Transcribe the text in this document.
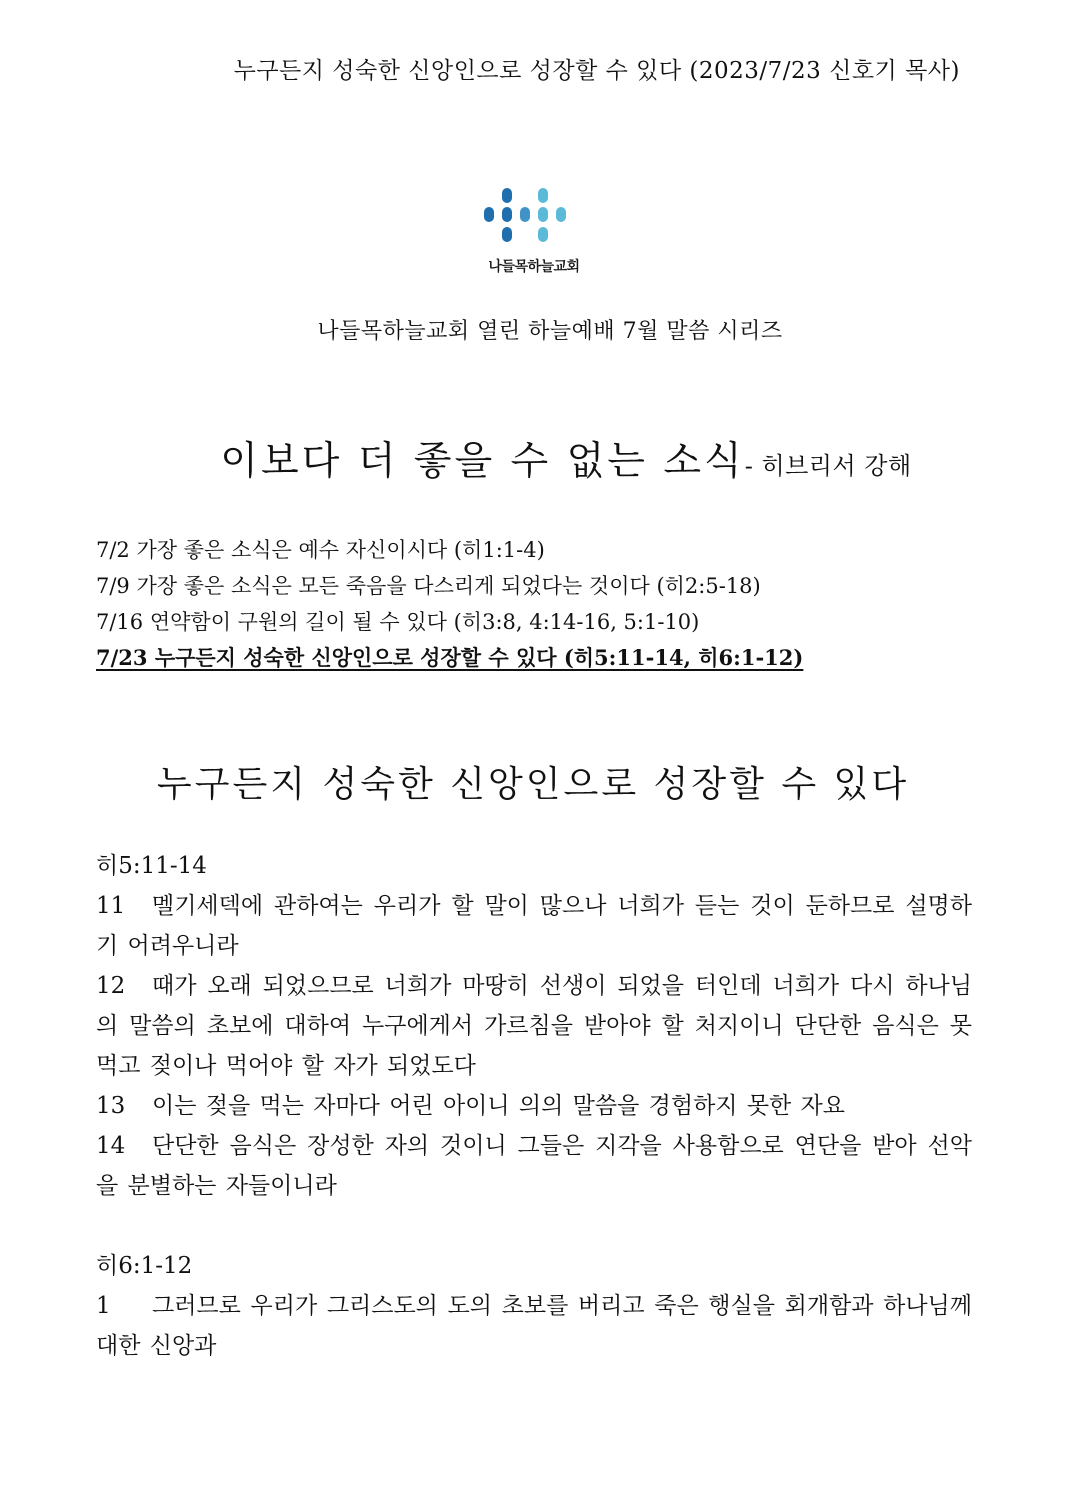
누구든지 성숙한 신앙인으로 성장할 수 있다 (2023/7/23 신호기 목사)
나들목하늘교회
나들목하늘교회 열린 하늘예배 7월 말씀 시리즈
이보다 더 좋을 수 없는 소식- 히브리서 강해
7/2 가장 좋은 소식은 예수 자신이시다 (히1:1-4)
7/9 가장 좋은 소식은 모든 죽음을 다스리게 되었다는 것이다 (히2:5-18)
7/16 연약함이 구원의 길이 될 수 있다 (히3:8, 4:14-16, 5:1-10)
7/23 누구든지 성숙한 신앙인으로 성장할 수 있다 (히5:11-14, 히6:1-12)
누구든지 성숙한 신앙인으로 성장할 수 있다
히5:11-14
11 멜기세덱에 관하여는 우리가 할 말이 많으나 너희가 듣는 것이 둔하므로 설명하기 어려우니라
12 때가 오래 되었으므로 너희가 마땅히 선생이 되었을 터인데 너희가 다시 하나님의 말씀의 초보에 대하여 누구에게서 가르침을 받아야 할 처지이니 단단한 음식은 못 먹고 젖이나 먹어야 할 자가 되었도다
13 이는 젖을 먹는 자마다 어린 아이니 의의 말씀을 경험하지 못한 자요
14 단단한 음식은 장성한 자의 것이니 그들은 지각을 사용함으로 연단을 받아 선악을 분별하는 자들이니라
히6:1-12
1 그러므로 우리가 그리스도의 도의 초보를 버리고 죽은 행실을 회개함과 하나님께 대한 신앙과
